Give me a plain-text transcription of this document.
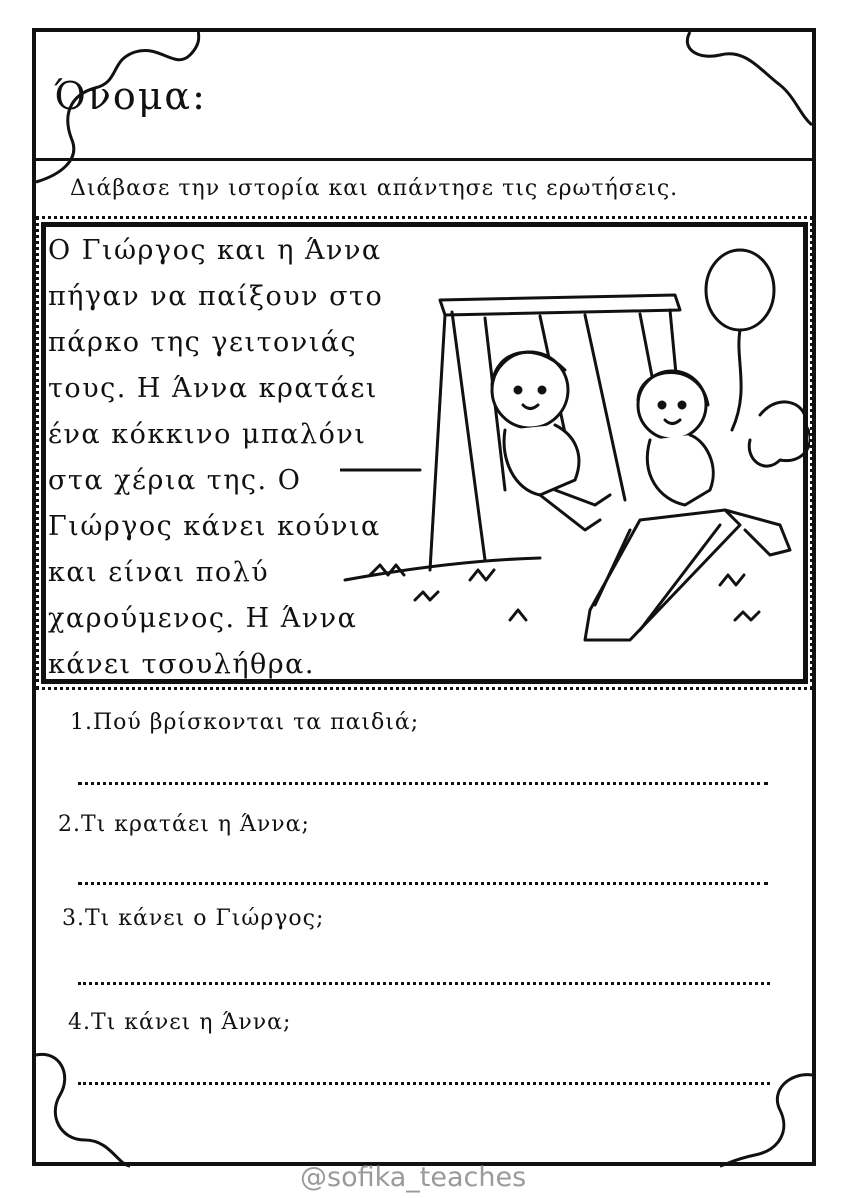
Όνομα:
Διάβασε την ιστορία και απάντησε τις ερωτήσεις.
Ο Γιώργος και η Άννα
πήγαν να παίξουν στο
πάρκο της γειτονιάς
τους. Η Άννα κρατάει
ένα κόκκινο μπαλόνι
στα χέρια της. Ο
Γιώργος κάνει κούνια
και είναι πολύ
χαρούμενος. Η Άννα
κάνει τσουλήθρα.
1.Πού βρίσκονται τα παιδιά;
2.Τι κρατάει η Άννα;
3.Τι κάνει ο Γιώργος;
4.Τι κάνει η Άννα;
@sofika_teaches
